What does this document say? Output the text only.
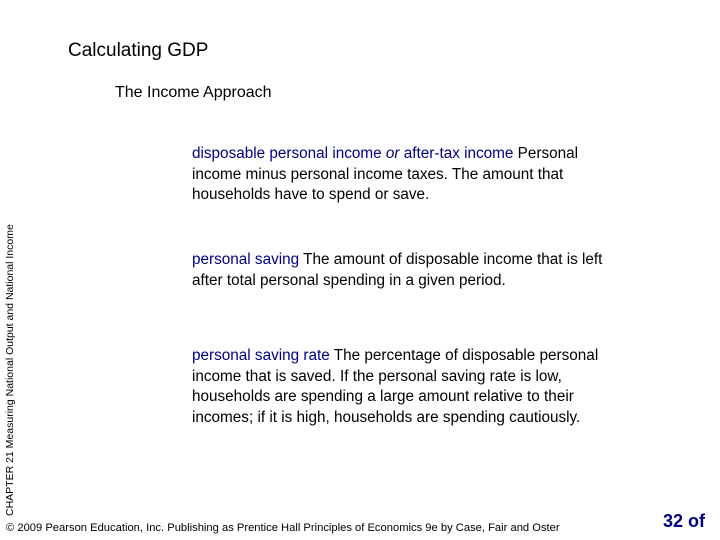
Calculating GDP
The Income Approach
CHAPTER 21 Measuring National Output and National Income

disposable personal income or after-tax income Personal income minus personal income taxes. The amount that households have to spend or save.

personal saving The amount of disposable income that is left after total personal spending in a given period.

personal saving rate The percentage of disposable personal income that is saved. If the personal saving rate is low, households are spending a large amount relative to their incomes; if it is high, households are spending cautiously.

© 2009 Pearson Education, Inc. Publishing as Prentice Hall Principles of Economics 9e by Case, Fair and Oster	32 of
